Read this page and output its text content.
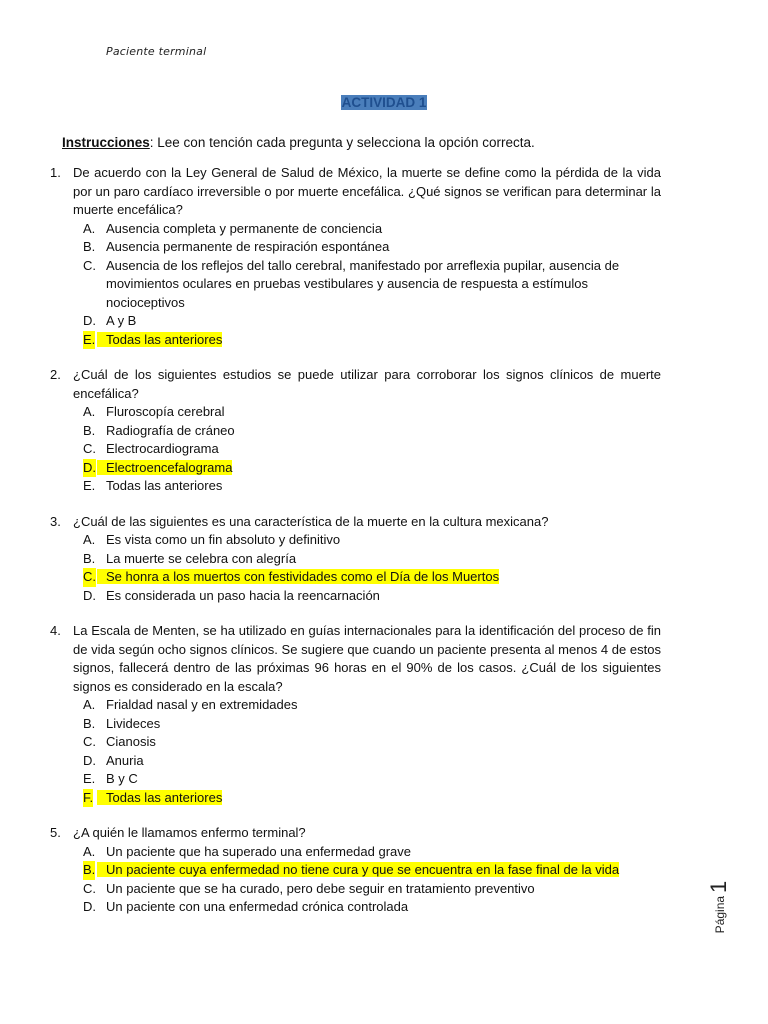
Paciente terminal
ACTIVIDAD 1
Instrucciones: Lee con tención cada pregunta y selecciona la opción correcta.
1. De acuerdo con la Ley General de Salud de México, la muerte se define como la pérdida de la vida por un paro cardíaco irreversible o por muerte encefálica. ¿Qué signos se verifican para determinar la muerte encefálica?
A. Ausencia completa y permanente de conciencia
B. Ausencia permanente de respiración espontánea
C. Ausencia de los reflejos del tallo cerebral, manifestado por arreflexia pupilar, ausencia de movimientos oculares en pruebas vestibulares y ausencia de respuesta a estímulos nocioceptivos
D. A y B
E. Todas las anteriores
2. ¿Cuál de los siguientes estudios se puede utilizar para corroborar los signos clínicos de muerte encefálica?
A. Fluroscopía cerebral
B. Radiografía de cráneo
C. Electrocardiograma
D. Electroencefalograma
E. Todas las anteriores
3. ¿Cuál de las siguientes es una característica de la muerte en la cultura mexicana?
A. Es vista como un fin absoluto y definitivo
B. La muerte se celebra con alegría
C. Se honra a los muertos con festividades como el Día de los Muertos
D. Es considerada un paso hacia la reencarnación
4. La Escala de Menten, se ha utilizado en guías internacionales para la identificación del proceso de fin de vida según ocho signos clínicos. Se sugiere que cuando un paciente presenta al menos 4 de estos signos, fallecerá dentro de las próximas 96 horas en el 90% de los casos. ¿Cuál de los siguientes signos es considerado en la escala?
A. Frialdad nasal y en extremidades
B. Livideces
C. Cianosis
D. Anuria
E. B y C
F. Todas las anteriores
5. ¿A quién le llamamos enfermo terminal?
A. Un paciente que ha superado una enfermedad grave
B. Un paciente cuya enfermedad no tiene cura y que se encuentra en la fase final de la vida
C. Un paciente que se ha curado, pero debe seguir en tratamiento preventivo
D. Un paciente con una enfermedad crónica controlada	Página1
